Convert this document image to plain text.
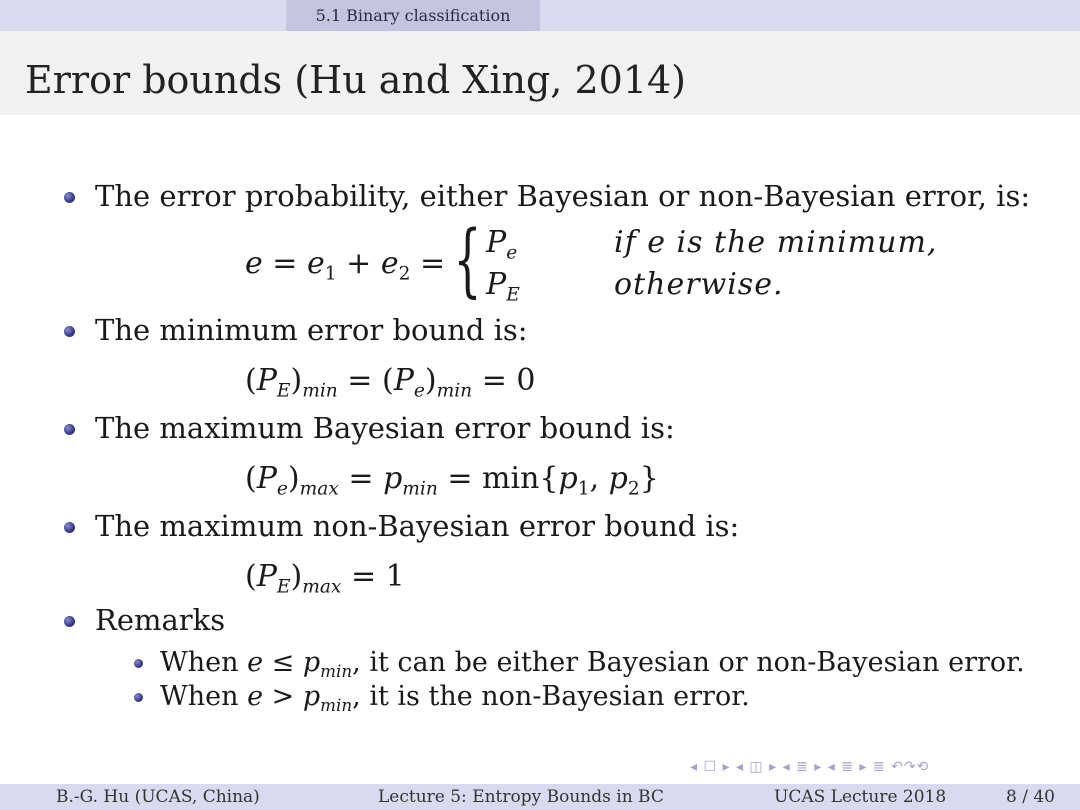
5.1 Binary classification
Error bounds (Hu and Xing, 2014)
The error probability, either Bayesian or non-Bayesian error, is:
$e = e_1 + e_2$ = { $P_e$	if e is the minimum,
$P_E$	otherwise.
The minimum error bound is:
$(P_E)_{min} = (P_e)_{min} = 0$
The maximum Bayesian error bound is:
$(P_e)_{max} = p_{min} = \min\{p_1$, $p_2$}
The maximum non-Bayesian error bound is:
$(P_E)_{max} = 1$
Remarks
When $e \le p_{min}$, it can be either Bayesian or non-Bayesian error.
When $e > p_{min}$, it is the non-Bayesian error.
◂ ☐ ▸ ◂ ◫ ▸ ◂ ≣ ▸ ◂ ≣ ▸ ≣ ↶↷⟲
B.-G. Hu (UCAS, China)	Lecture 5: Entropy Bounds in BC	UCAS Lecture 2018	8 / 40
